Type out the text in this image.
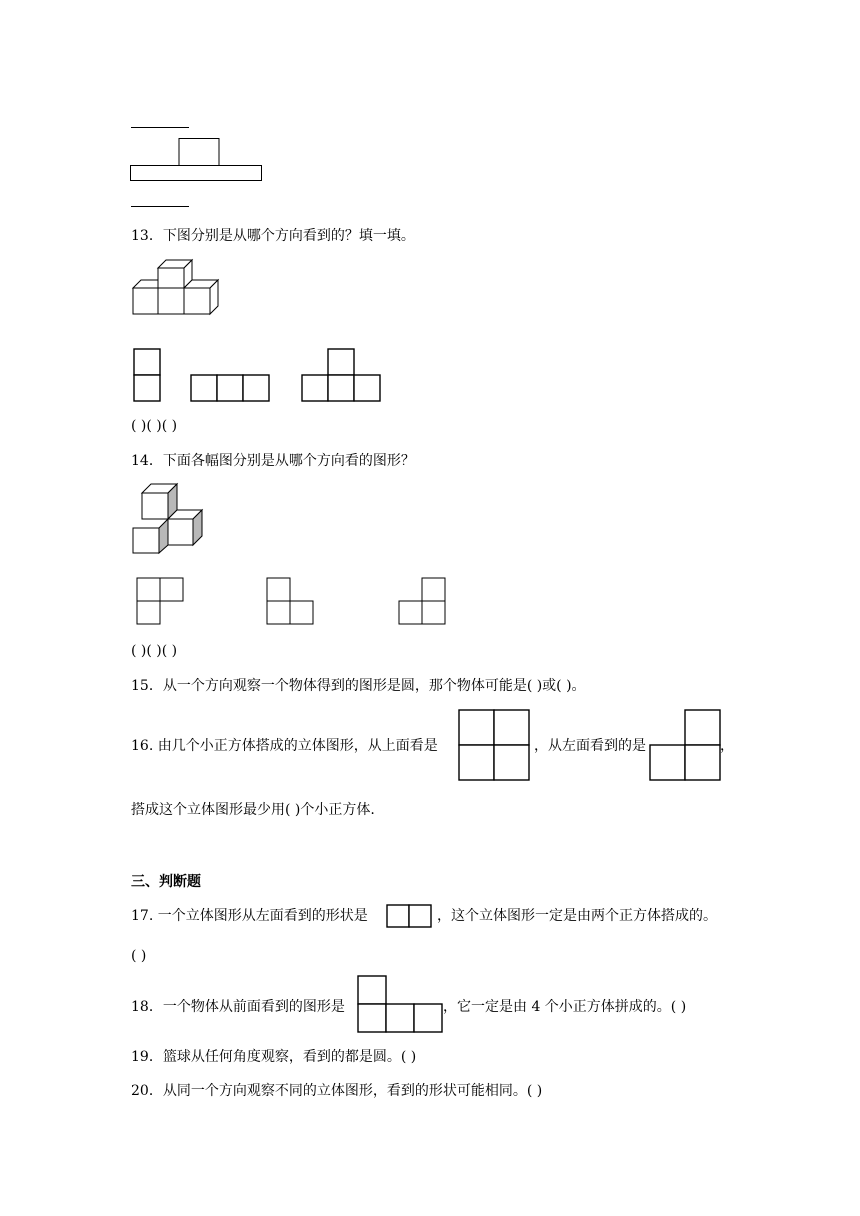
13．下图分别是从哪个方向看到的？填一填。
( )( )( )
14．下面各幅图分别是从哪个方向看的图形？
( )( )( )
15．从一个方向观察一个物体得到的图形是圆，那个物体可能是( )或( )。
16. 由几个小正方体搭成的立体图形，从上面看是	，从左面看到的是	，
搭成这个立体图形最少用( )个小正方体.
三、判断题
17. 一个立体图形从左面看到的形状是	，这个立体图形一定是由两个正方体搭成的。
( )
18．一个物体从前面看到的图形是	，它一定是由 4 个小正方体拼成的。( )
19．篮球从任何角度观察，看到的都是圆。( )
20．从同一个方向观察不同的立体图形，看到的形状可能相同。( )
